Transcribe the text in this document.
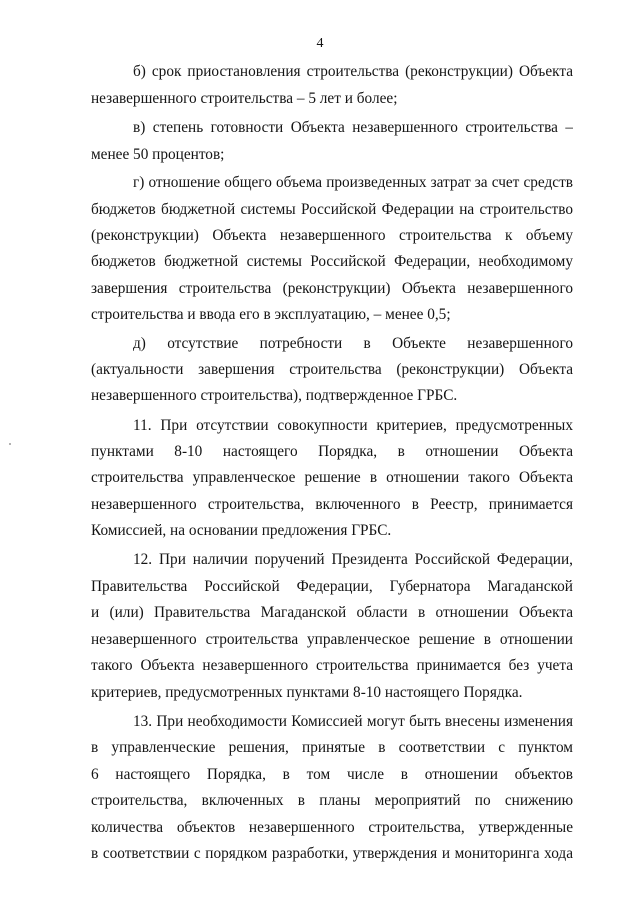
4
б) срок приостановления строительства (реконструкции) Объекта
незавершенного строительства – 5 лет и более;
в) степень готовности Объекта незавершенного строительства –
менее 50 процентов;
г) отношение общего объема произведенных затрат за счет средств
бюджетов бюджетной системы Российской Федерации на строительство
(реконструкции) Объекта незавершенного строительства к объему
бюджетов бюджетной системы Российской Федерации, необходимому
завершения строительства (реконструкции) Объекта незавершенного
строительства и ввода его в эксплуатацию, – менее 0,5;
д) отсутствие потребности в Объекте незавершенного
(актуальности завершения строительства (реконструкции) Объекта
незавершенного строительства), подтвержденное ГРБС.
11. При отсутствии совокупности критериев, предусмотренных
пунктами 8-10 настоящего Порядка, в отношении Объекта
строительства управленческое решение в отношении такого Объекта
незавершенного строительства, включенного в Реестр, принимается
Комиссией, на основании предложения ГРБС.
12. При наличии поручений Президента Российской Федерации,
Правительства Российской Федерации, Губернатора Магаданской
и (или) Правительства Магаданской области в отношении Объекта
незавершенного строительства управленческое решение в отношении
такого Объекта незавершенного строительства принимается без учета
критериев, предусмотренных пунктами 8-10 настоящего Порядка.
13. При необходимости Комиссией могут быть внесены изменения
в управленческие решения, принятые в соответствии с пунктом
6 настоящего Порядка, в том числе в отношении объектов
строительства, включенных в планы мероприятий по снижению
количества объектов незавершенного строительства, утвержденные
в соответствии с порядком разработки, утверждения и мониторинга хода
